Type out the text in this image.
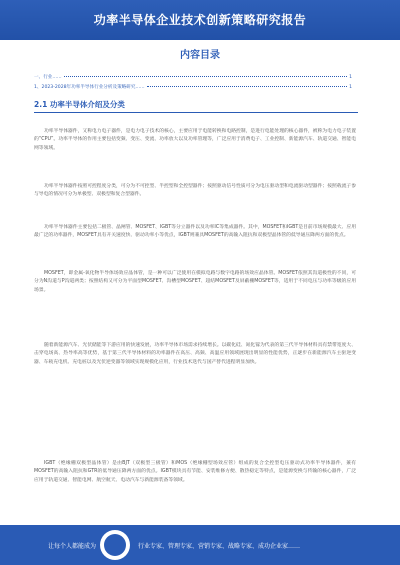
功率半导体企业技术创新策略研究报告
内容目录
一、行业……	1
1、2023-2028年功率半导体行业分析及策略研究……	1
2.1 功率半导体介绍及分类
功率半导体器件，又称电力电子器件，是电力电子技术的核心，主要应用于电能转换和电路控制，是进行电能处理的核心器件，被称为电力电子装置的“CPU”。功率半导体的作用主要包括变频、变压、变流、功率放大以及功率管理等，广泛应用于消费电子、工业控制、新能源汽车、轨道交通、智能电网等领域。
功率半导体器件按照可控程度分类，可分为不可控型、半控型和全控型器件；按照驱动信号性质可分为电压驱动型和电流驱动型器件；按照载流子参与导电的情况可分为单极型、双极型和复合型器件。
功率半导体器件主要包括二极管、晶闸管、MOSFET、IGBT等分立器件以及功率IC等集成器件。其中，MOSFET和IGBT是目前市场规模最大、应用最广泛的功率器件，MOSFET具有开关速度快、驱动功率小等优点，IGBT则兼具MOSFET的高输入阻抗和双极型晶体管的低导通压降两方面的优点。
MOSFET，即金属-氧化物半导体场效应晶体管，是一种可以广泛使用在模拟电路与数字电路的场效应晶体管。MOSFET依照其沟道极性的不同，可分为N沟道与P沟道两类；按照结构又可分为平面型MOSFET、沟槽型MOSFET、超结MOSFET及屏蔽栅MOSFET等，适用于不同电压与功率等级的应用场景。
随着新能源汽车、光伏储能等下游应用的快速发展，功率半导体市场需求持续增长。以碳化硅、氮化镓为代表的第三代半导体材料具有禁带宽度大、击穿电场高、热导率高等优势，基于第三代半导体材料的功率器件在高压、高频、高温应用领域展现出明显的性能优势，正逐步在新能源汽车主驱逆变器、车载充电机、充电桩以及光伏逆变器等领域实现规模化应用，行业技术迭代与国产替代进程明显加快。
IGBT（绝缘栅双极型晶体管）是由BJT（双极型三极管）和MOS（绝缘栅型场效应管）组成的复合全控型电压驱动式功率半导体器件，兼有MOSFET的高输入阻抗和GTR的低导通压降两方面的优点。IGBT模块具有节能、安装维修方便、散热稳定等特点，是能源变换与传输的核心器件，广泛应用于轨道交通、智能电网、航空航天、电动汽车与新能源装备等领域。
让每个人都能成为	行业专家、管理专家、营销专家、战略专家、成功企业家……
